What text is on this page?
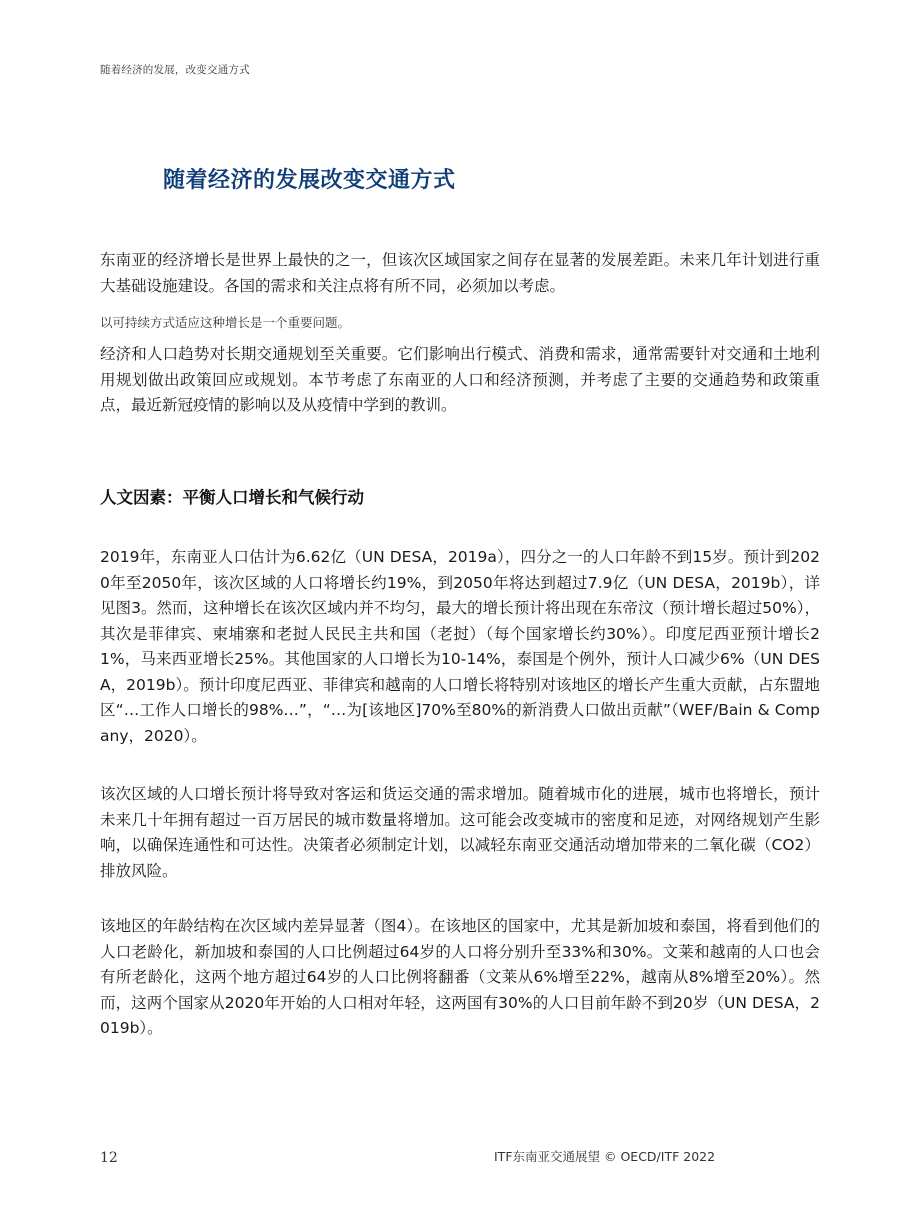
随着经济的发展，改变交通方式
随着经济的发展改变交通方式

东南亚的经济增长是世界上最快的之一，但该次区域国家之间存在显著的发展差距。未来几年计划进行重大基础设施建设。各国的需求和关注点将有所不同，必须加以考虑。

以可持续方式适应这种增长是一个重要问题。

经济和人口趋势对长期交通规划至关重要。它们影响出行模式、消费和需求，通常需要针对交通和土地利用规划做出政策回应或规划。本节考虑了东南亚的人口和经济预测，并考虑了主要的交通趋势和政策重点，最近新冠疫情的影响以及从疫情中学到的教训。

人文因素：平衡人口增长和气候行动

2019年，东南亚人口估计为6.62亿（UN DESA，2019a），四分之一的人口年龄不到15岁。预计到2020年至2050年，该次区域的人口将增长约19%，到2050年将达到超过7.9亿（UN DESA，2019b），详见图3。然而，这种增长在该次区域内并不均匀，最大的增长预计将出现在东帝汶（预计增长超过50%），其次是菲律宾、柬埔寨和老挝人民民主共和国（老挝）（每个国家增长约30%）。印度尼西亚预计增长21%，马来西亚增长25%。其他国家的人口增长为10-14%，泰国是个例外，预计人口减少6%（UN DESA，2019b）。预计印度尼西亚、菲律宾和越南的人口增长将特别对该地区的增长产生重大贡献，占东盟地区“…工作人口增长的98%…”，“…为[该地区]70%至80%的新消费人口做出贡献”（WEF/Bain & Company，2020）。

该次区域的人口增长预计将导致对客运和货运交通的需求增加。随着城市化的进展，城市也将增长，预计未来几十年拥有超过一百万居民的城市数量将增加。这可能会改变城市的密度和足迹，对网络规划产生影响，以确保连通性和可达性。决策者必须制定计划，以减轻东南亚交通活动增加带来的二氧化碳（CO2）排放风险。

该地区的年龄结构在次区域内差异显著（图4）。在该地区的国家中，尤其是新加坡和泰国，将看到他们的人口老龄化，新加坡和泰国的人口比例超过64岁的人口将分别升至33%和30%。文莱和越南的人口也会有所老龄化，这两个地方超过64岁的人口比例将翻番（文莱从6%增至22%，越南从8%增至20%）。然而，这两个国家从2020年开始的人口相对年轻，这两国有30%的人口目前年龄不到20岁（UN DESA，2019b）。

12	ITF东南亚交通展望 © OECD/ITF 2022
